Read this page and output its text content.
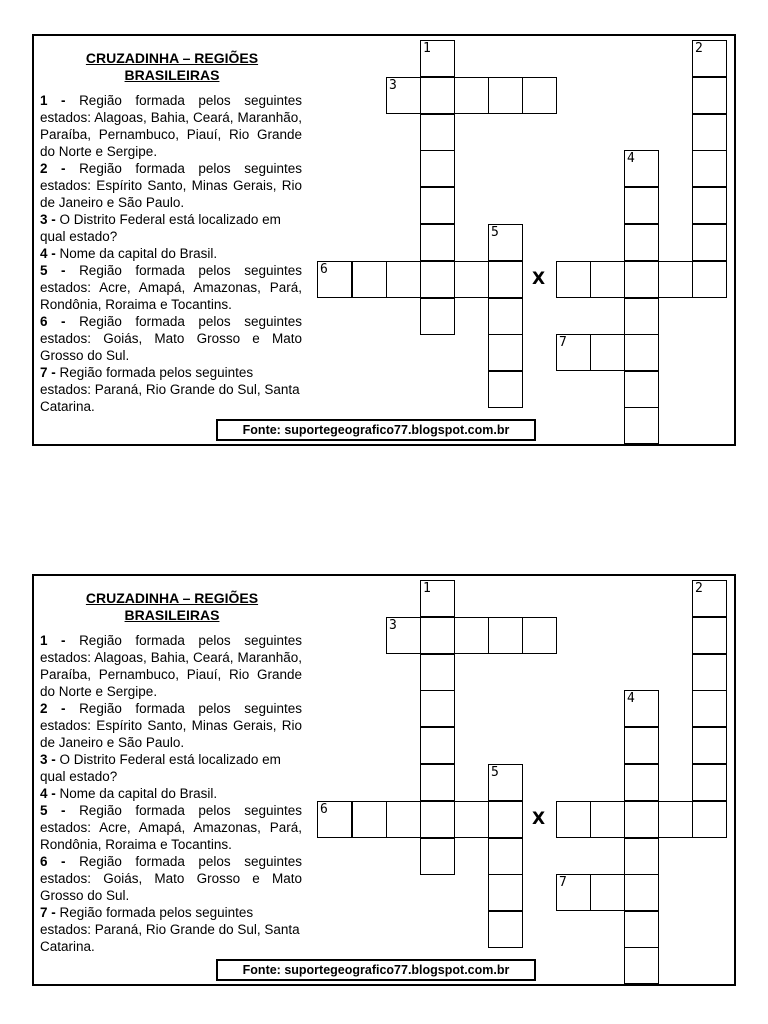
CRUZADINHA – REGIÕES BRASILEIRAS

1 - Região formada pelos seguintes estados: Alagoas, Bahia, Ceará, Maranhão, Paraíba, Pernambuco, Piauí, Rio Grande do Norte e Sergipe.

2 - Região formada pelos seguintes estados: Espírito Santo, Minas Gerais, Rio de Janeiro e São Paulo.

3 - O Distrito Federal está localizado em qual estado?

4 - Nome da capital do Brasil.

5 - Região formada pelos seguintes estados: Acre, Amapá, Amazonas, Pará, Rondônia, Roraima e Tocantins.

6 - Região formada pelos seguintes estados: Goiás, Mato Grosso e Mato Grosso do Sul.

7 - Região formada pelos seguintes estados: Paraná, Rio Grande do Sul, Santa Catarina.

1	2
3
4
5
6
7
X
Fonte: suportegeografico77.blogspot.com.br
CRUZADINHA – REGIÕES BRASILEIRAS

1 - Região formada pelos seguintes estados: Alagoas, Bahia, Ceará, Maranhão, Paraíba, Pernambuco, Piauí, Rio Grande do Norte e Sergipe.

2 - Região formada pelos seguintes estados: Espírito Santo, Minas Gerais, Rio de Janeiro e São Paulo.

3 - O Distrito Federal está localizado em qual estado?

4 - Nome da capital do Brasil.

5 - Região formada pelos seguintes estados: Acre, Amapá, Amazonas, Pará, Rondônia, Roraima e Tocantins.

6 - Região formada pelos seguintes estados: Goiás, Mato Grosso e Mato Grosso do Sul.

7 - Região formada pelos seguintes estados: Paraná, Rio Grande do Sul, Santa Catarina.

1	2
3
4
5
6
7
X
Fonte: suportegeografico77.blogspot.com.br
